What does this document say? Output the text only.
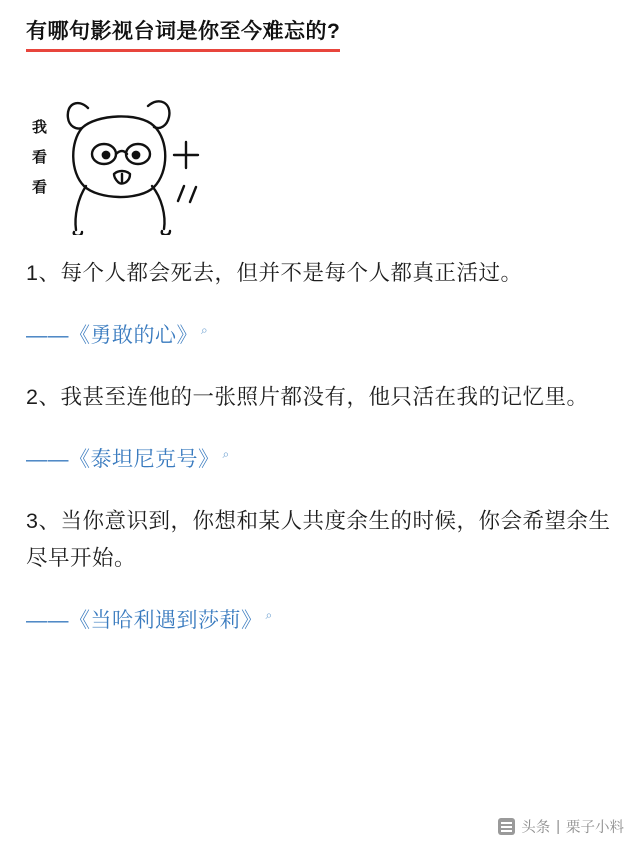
有哪句影视台词是你至今难忘的?
我
看
看

1、每个人都会死去，但并不是每个人都真正活过。

——《勇敢的心》 ⌕

2、我甚至连他的一张照片都没有，他只活在我的记忆里。

——《泰坦尼克号》 ⌕

3、当你意识到，你想和某人共度余生的时候，你会希望余生尽早开始。

——《当哈利遇到莎莉》 ⌕

头条 | 栗子小料
